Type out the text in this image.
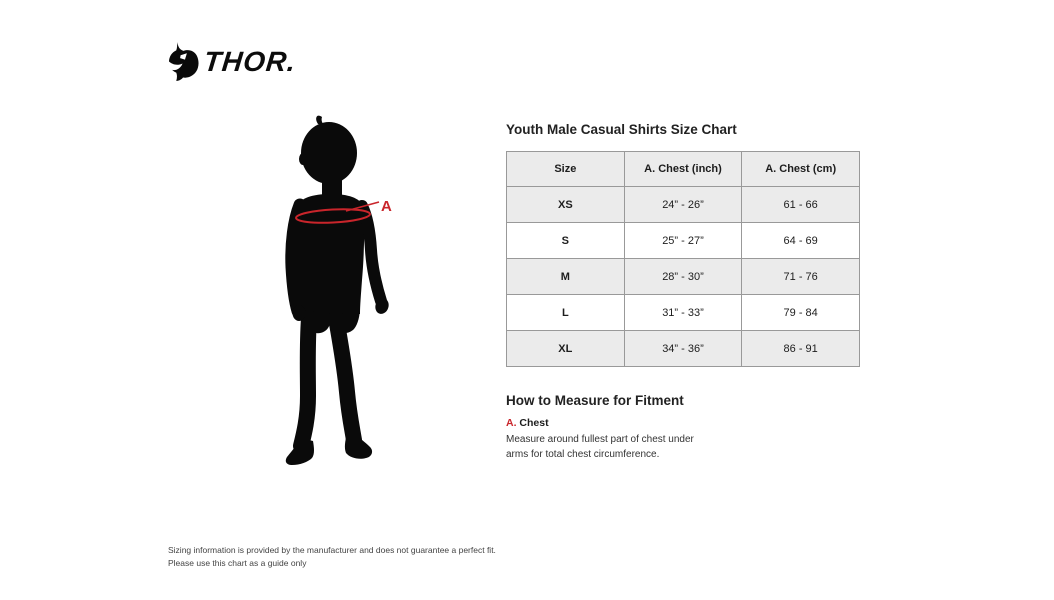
THOR.
A
Youth Male Casual Shirts Size Chart
Size	A. Chest (inch)	A. Chest (cm)
XS	24” - 26”	61 - 66
S	25” - 27”	64 - 69
M	28” - 30”	71 - 76
L	31” - 33”	79 - 84
XL	34” - 36”	86 - 91
How to Measure for Fitment
A. Chest

Measure around fullest part of chest under arms for total chest circumference.

Sizing information is provided by the manufacturer and does not guarantee a perfect fit.
Please use this chart as a guide only
